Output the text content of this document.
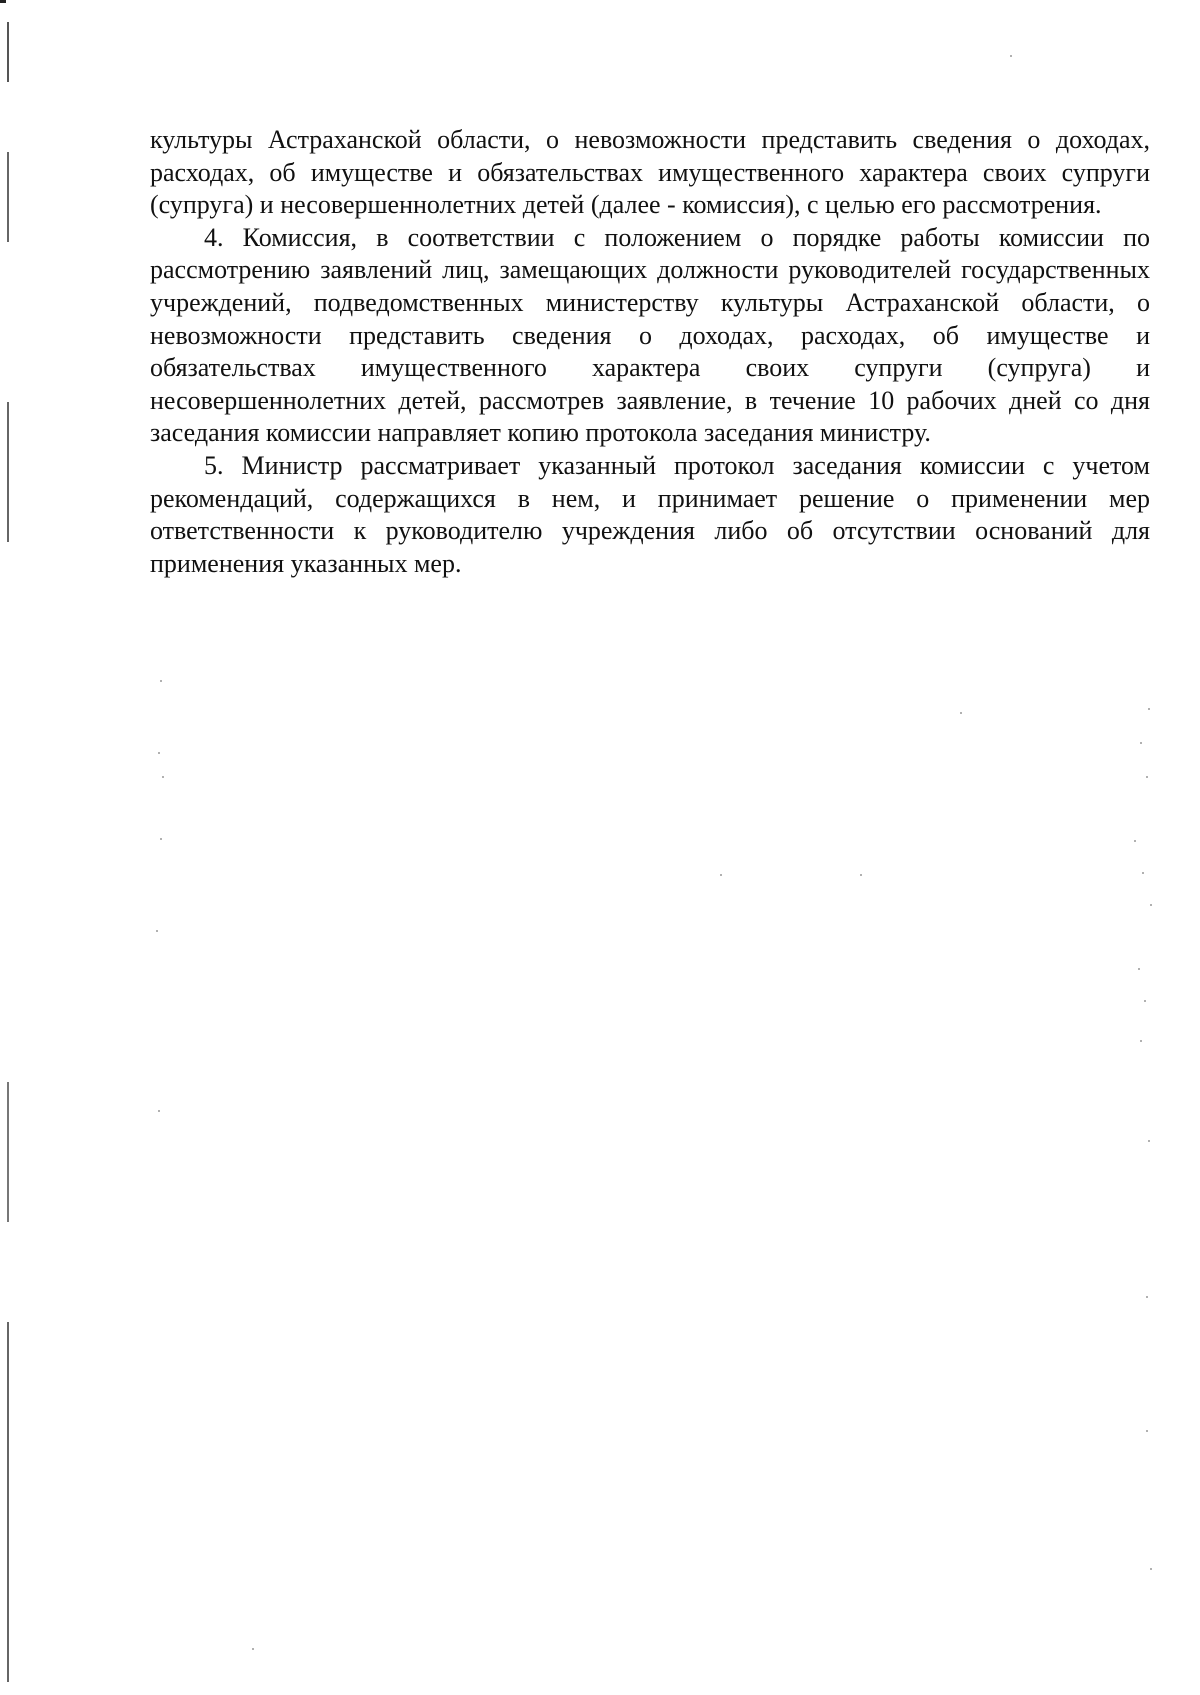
культуры Астраханской области, о невозможности представить сведения о доходах, расходах, об имуществе и обязательствах имущественного характера своих супруги (супруга) и несовершеннолетних детей (далее - комиссия), с целью его рассмотрения.

4. Комиссия, в соответствии с положением о порядке работы комиссии по рассмотрению заявлений лиц, замещающих должности руководителей государственных учреждений, подведомственных министерству культуры Астраханской области, о невозможности представить сведения о доходах, расходах, об имуществе и обязательствах имущественного характера своих супруги (супруга) и несовершеннолетних детей, рассмотрев заявление, в течение 10 рабочих дней со дня заседания комиссии направляет копию протокола заседания министру.

5. Министр рассматривает указанный протокол заседания комиссии с учетом рекомендаций, содержащихся в нем, и принимает решение о применении мер ответственности к руководителю учреждения либо об отсутствии оснований для применения указанных мер.
